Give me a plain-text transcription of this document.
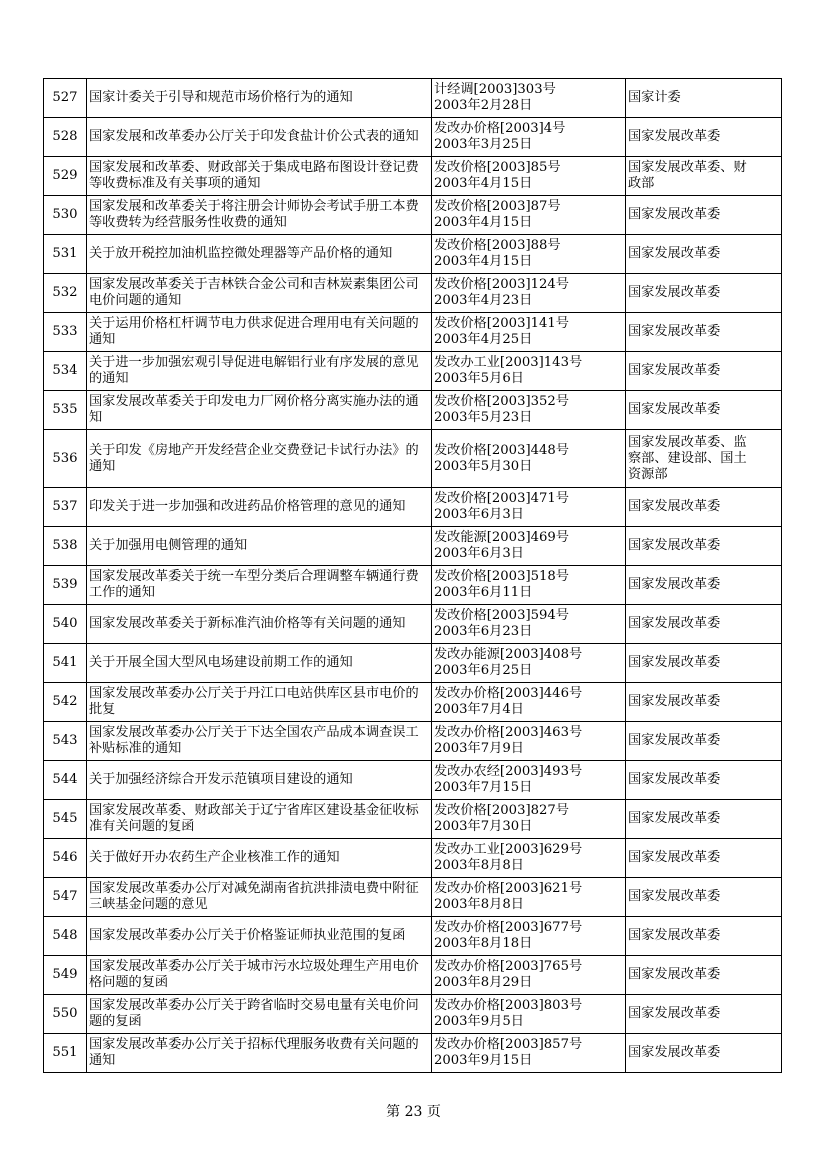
527	国家计委关于引导和规范市场价格行为的通知	计经调[2003]303号
2003年2月28日	国家计委
528	国家发展和改革委办公厅关于印发食盐计价公式表的通知	发改办价格[2003]4号
2003年3月25日	国家发展改革委
529	国家发展和改革委、财政部关于集成电路布图设计登记费
等收费标准及有关事项的通知	发改价格[2003]85号
2003年4月15日	国家发展改革委、财
政部

530	国家发展和改革委关于将注册会计师协会考试手册工本费
等收费转为经营服务性收费的通知	发改价格[2003]87号
2003年4月15日	国家发展改革委
531	关于放开税控加油机监控微处理器等产品价格的通知	发改价格[2003]88号
2003年4月15日	国家发展改革委
532	国家发展改革委关于吉林铁合金公司和吉林炭素集团公司
电价问题的通知	发改价格[2003]124号
2003年4月23日	国家发展改革委
533	关于运用价格杠杆调节电力供求促进合理用电有关问题的
通知	发改价格[2003]141号
2003年4月25日	国家发展改革委
534	关于进一步加强宏观引导促进电解铝行业有序发展的意见
的通知	发改办工业[2003]143号
2003年5月6日	国家发展改革委
535	国家发展改革委关于印发电力厂网价格分离实施办法的通
知	发改价格[2003]352号
2003年5月23日	国家发展改革委
536	关于印发《房地产开发经营企业交费登记卡试行办法》的
通知	发改价格[2003]448号
2003年5月30日	国家发展改革委、监
察部、建设部、国土
资源部

537	印发关于进一步加强和改进药品价格管理的意见的通知	发改价格[2003]471号
2003年6月3日	国家发展改革委
538	关于加强用电侧管理的通知	发改能源[2003]469号
2003年6月3日	国家发展改革委
539	国家发展改革委关于统一车型分类后合理调整车辆通行费
工作的通知	发改价格[2003]518号
2003年6月11日	国家发展改革委
540	国家发展改革委关于新标准汽油价格等有关问题的通知	发改价格[2003]594号
2003年6月23日	国家发展改革委
541	关于开展全国大型风电场建设前期工作的通知	发改办能源[2003]408号
2003年6月25日	国家发展改革委
542	国家发展改革委办公厅关于丹江口电站供库区县市电价的
批复	发改办价格[2003]446号
2003年7月4日	国家发展改革委
543	国家发展改革委办公厅关于下达全国农产品成本调查误工
补贴标准的通知	发改办价格[2003]463号
2003年7月9日	国家发展改革委
544	关于加强经济综合开发示范镇项目建设的通知	发改办农经[2003]493号
2003年7月15日	国家发展改革委
545	国家发展改革委、财政部关于辽宁省库区建设基金征收标
准有关问题的复函	发改价格[2003]827号
2003年7月30日	国家发展改革委
546	关于做好开办农药生产企业核准工作的通知	发改办工业[2003]629号
2003年8月8日	国家发展改革委
547	国家发展改革委办公厅对减免湖南省抗洪排渍电费中附征
三峡基金问题的意见	发改办价格[2003]621号
2003年8月8日	国家发展改革委
548	国家发展改革委办公厅关于价格鉴证师执业范围的复函	发改办价格[2003]677号
2003年8月18日	国家发展改革委
549	国家发展改革委办公厅关于城市污水垃圾处理生产用电价
格问题的复函	发改办价格[2003]765号
2003年8月29日	国家发展改革委
550	国家发展改革委办公厅关于跨省临时交易电量有关电价问
题的复函	发改办价格[2003]803号
2003年9月5日	国家发展改革委
551	国家发展改革委办公厅关于招标代理服务收费有关问题的
通知	发改办价格[2003]857号
2003年9月15日	国家发展改革委
第 23 页
